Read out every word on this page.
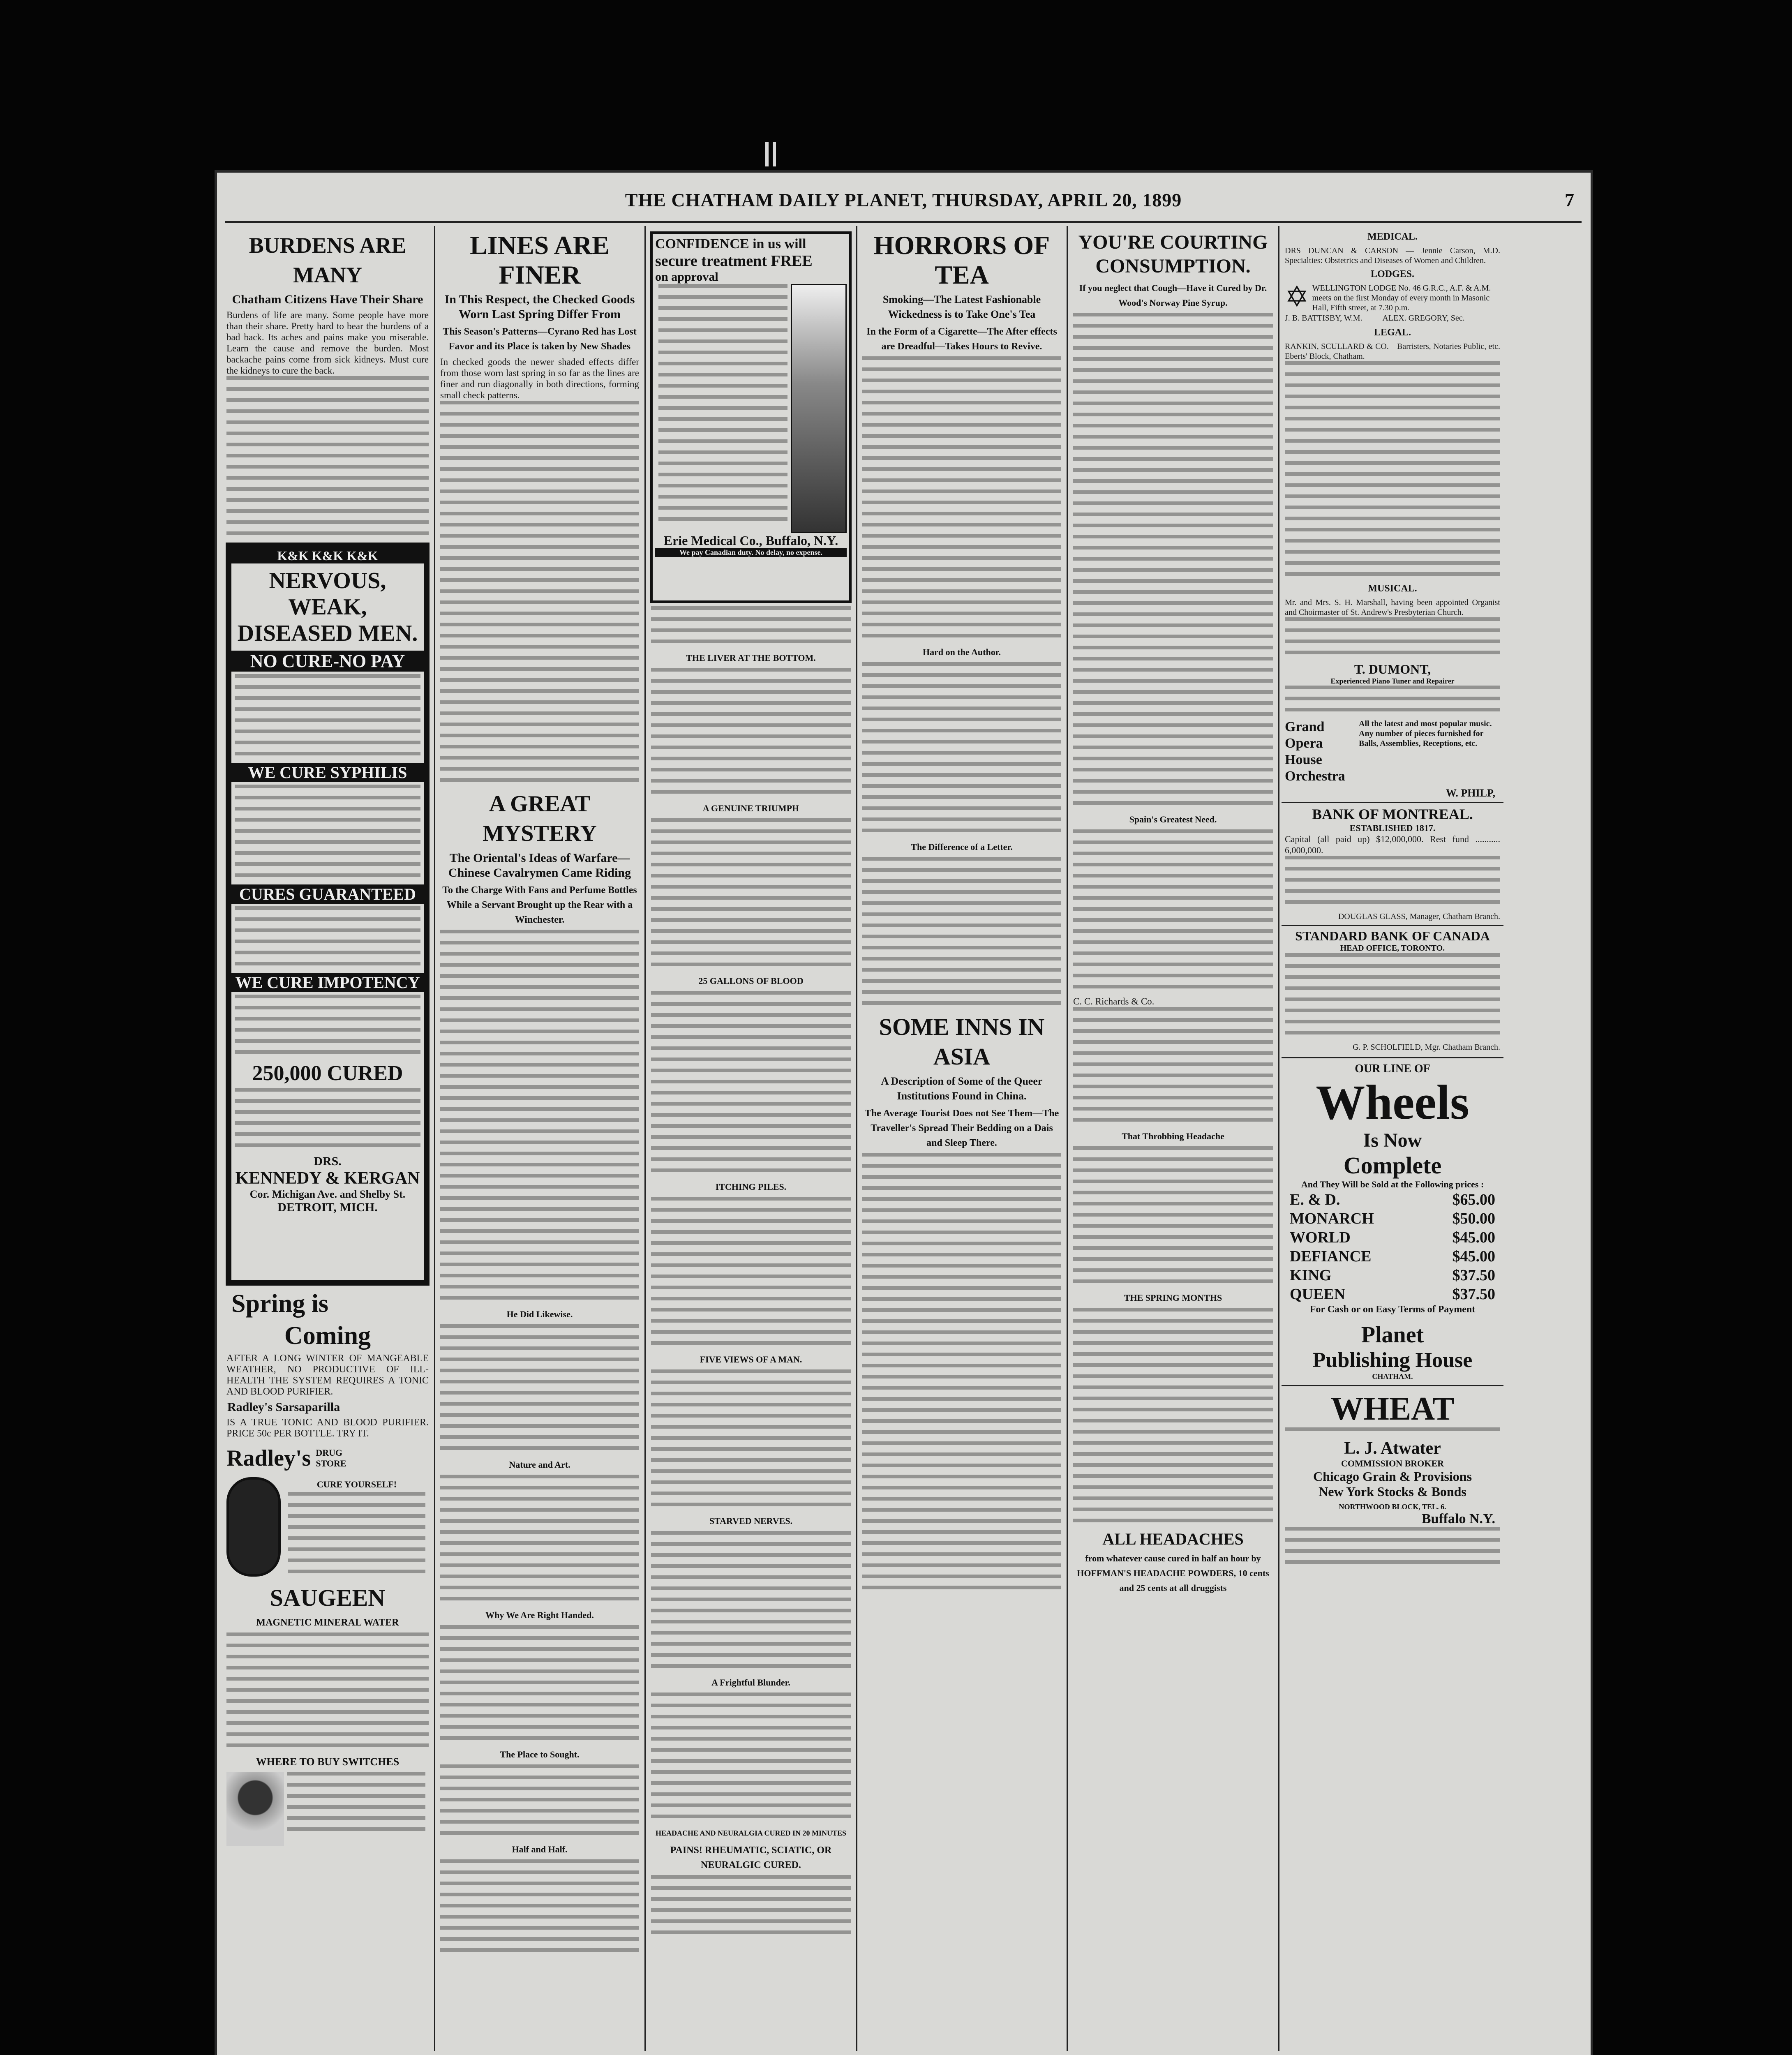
THE CHATHAM DAILY PLANET, THURSDAY, APRIL 20, 1899	7
BURDENS ARE MANY
Chatham Citizens Have Their Share
Burdens of life are many. Some people have more than their share. Pretty hard to bear the burdens of a bad back. Its aches and pains make you miserable. Learn the cause and remove the burden. Most backache pains come from sick kidneys. Must cure the kidneys to cure the back.
K&K K&K K&K
NERVOUS, WEAK, DISEASED MEN.
NO CURE-NO PAY
WE CURE SYPHILIS
CURES GUARANTEED
WE CURE IMPOTENCY
250,000 CURED
DRS.
KENNEDY & KERGAN
Cor. Michigan Ave. and Shelby St.
DETROIT, MICH.
Spring is
Coming
AFTER A LONG WINTER OF MANGEABLE WEATHER, NO PRODUCTIVE OF ILL-HEALTH THE SYSTEM REQUIRES A TONIC AND BLOOD PURIFIER.
Radley's Sarsaparilla
IS A TRUE TONIC AND BLOOD PURIFIER. PRICE 50c PER BOTTLE. TRY IT.
Radley's DRUG STORE
CURE YOURSELF!
SAUGEEN
MAGNETIC MINERAL WATER
WHERE TO BUY SWITCHES
LINES ARE FINER
In This Respect, the Checked Goods Worn Last Spring Differ From
This Season's Patterns—Cyrano Red has Lost Favor and its Place is taken by New Shades
In checked goods the newer shaded effects differ from those worn last spring in so far as the lines are finer and run diagonally in both directions, forming small check patterns.
A GREAT MYSTERY
The Oriental's Ideas of Warfare—Chinese Cavalrymen Came Riding
To the Charge With Fans and Perfume Bottles While a Servant Brought up the Rear with a Winchester.
He Did Likewise.
Nature and Art.
Why We Are Right Handed.
The Place to Sought.
Half and Half.
CONFIDENCE in us will
secure treatment FREE
on approval
Erie Medical Co., Buffalo, N.Y.
We pay Canadian duty. No delay, no expense.
THE LIVER AT THE BOTTOM.
A GENUINE TRIUMPH
25 GALLONS OF BLOOD
ITCHING PILES.
FIVE VIEWS OF A MAN.
STARVED NERVES.
A Frightful Blunder.
HEADACHE AND NEURALGIA CURED IN 20 MINUTES
PAINS! RHEUMATIC, SCIATIC, OR NEURALGIC CURED.
HORRORS OF TEA
Smoking—The Latest Fashionable Wickedness is to Take One's Tea
In the Form of a Cigarette—The After effects are Dreadful—Takes Hours to Revive.
Hard on the Author.
The Difference of a Letter.
SOME INNS IN ASIA
A Description of Some of the Queer Institutions Found in China.
The Average Tourist Does not See Them—The Traveller's Spread Their Bedding on a Dais and Sleep There.
YOU'RE COURTING CONSUMPTION.
If you neglect that Cough—Have it Cured by Dr. Wood's Norway Pine Syrup.
Spain's Greatest Need.
C. C. Richards & Co.
That Throbbing Headache
THE SPRING MONTHS
ALL HEADACHES
from whatever cause cured in half an hour by HOFFMAN'S HEADACHE POWDERS, 10 cents and 25 cents at all druggists
MEDICAL.
DRS DUNCAN & CARSON — Jennie Carson, M.D. Specialties: Obstetrics and Diseases of Women and Children.
LODGES.
✡ WELLINGTON LODGE No. 46 G.R.C., A.F. & A.M. meets on the first Monday of every month in Masonic Hall, Fifth street, at 7.30 p.m.
J. B. BATTISBY, W.M.          ALEX. GREGORY, Sec.
LEGAL.
RANKIN, SCULLARD & CO.—Barristers, Notaries Public, etc. Eberts' Block, Chatham.
MUSICAL.
Mr. and Mrs. S. H. Marshall, having been appointed Organist and Choirmaster of St. Andrew's Presbyterian Church.
T. DUMONT,
Experienced Piano Tuner and Repairer
Grand Opera House Orchestra
All the latest and most popular music. Any number of pieces furnished for Balls, Assemblies, Receptions, etc.
W. PHILP,
BANK OF MONTREAL.
ESTABLISHED 1817.
Capital (all paid up) $12,000,000. Rest fund ........... 6,000,000.
DOUGLAS GLASS, Manager, Chatham Branch.
STANDARD BANK OF CANADA
HEAD OFFICE, TORONTO.
G. P. SCHOLFIELD, Mgr. Chatham Branch.
OUR LINE OF
Wheels
Is Now
Complete
And They Will be Sold at the Following prices :
E. & D.	$65.00
MONARCH	$50.00
WORLD	$45.00
DEFIANCE	$45.00
KING	$37.50
QUEEN	$37.50
For Cash or on Easy Terms of Payment
Planet
Publishing House
CHATHAM.
WHEAT
L. J. Atwater
COMMISSION BROKER
Chicago Grain & Provisions
New York Stocks & Bonds
NORTHWOOD BLOCK, TEL. 6.
Buffalo N.Y.
